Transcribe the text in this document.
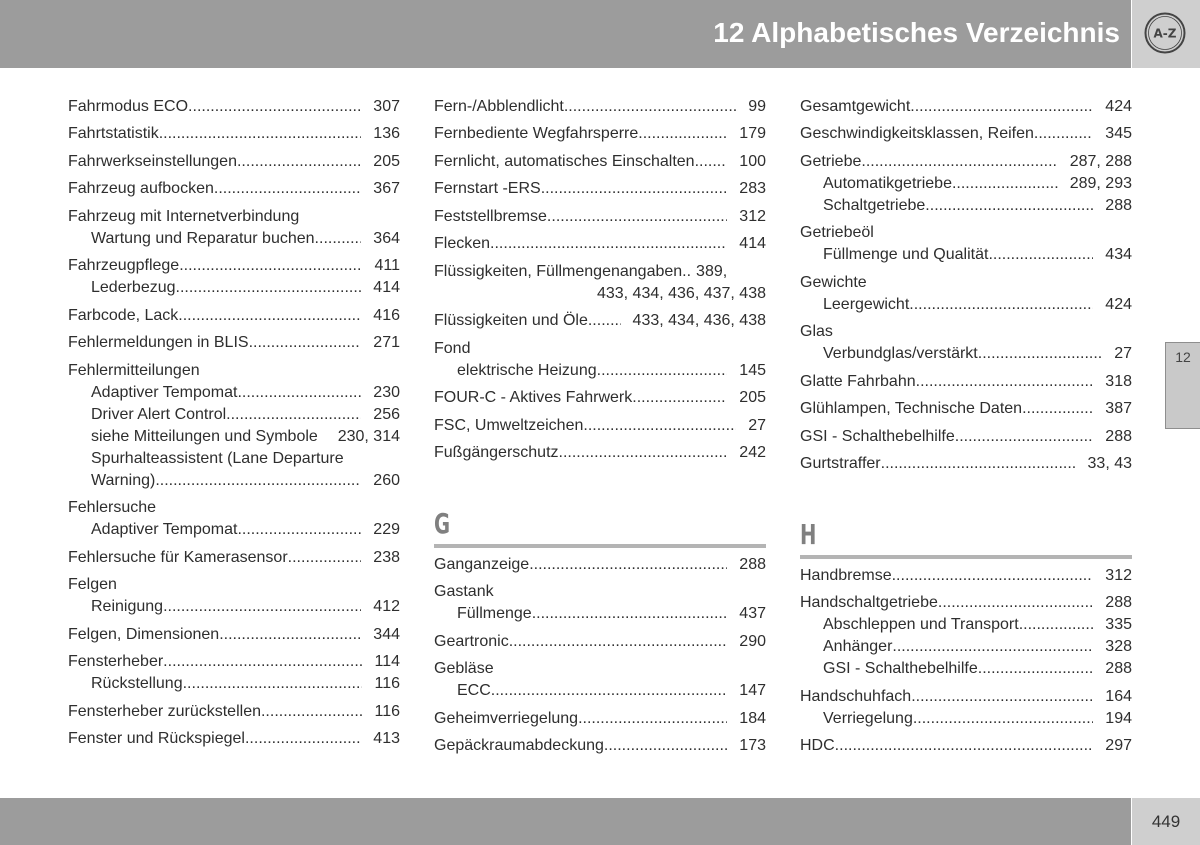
12 Alphabetisches Verzeichnis	A-Z
12
Fahrmodus ECO .....	307
Fahrtstatistik .....	136
Fahrwerkseinstellungen .....	205
Fahrzeug aufbocken .....	367
Fahrzeug mit Internetverbindung
Wartung und Reparatur buchen .....	364
Fahrzeugpflege .....	411
Lederbezug .....	414
Farbcode, Lack .....	416
Fehlermeldungen in BLIS .....	271
Fehlermitteilungen
Adaptiver Tempomat .....	230
Driver Alert Control .....	256
siehe Mitteilungen und Symbole	230, 314
Spurhalteassistent (Lane Departure
Warning) .....	260
Fehlersuche
Adaptiver Tempomat .....	229
Fehlersuche für Kamerasensor .....	238
Felgen
Reinigung .....	412
Felgen, Dimensionen .....	344
Fensterheber .....	114
Rückstellung .....	116
Fensterheber zurückstellen .....	116
Fenster und Rückspiegel .....	413
Fern-/Abblendlicht .....	99
Fernbediente Wegfahrsperre .....	179
Fernlicht, automatisches Einschalten .....	100
Fernstart -ERS .....	283
Feststellbremse .....	312
Flecken .....	414
Flüssigkeiten, Füllmengenangaben .. 389,
433, 434, 436, 437, 438
Flüssigkeiten und Öle .....	433, 434, 436, 438
Fond
elektrische Heizung .....	145
FOUR-C - Aktives Fahrwerk .....	205
FSC, Umweltzeichen .....	27
Fußgängerschutz .....	242
G
Ganganzeige .....	288
Gastank
Füllmenge .....	437
Geartronic .....	290
Gebläse
ECC .....	147
Geheimverriegelung .....	184
Gepäckraumabdeckung .....	173
Gesamtgewicht .....	424
Geschwindigkeitsklassen, Reifen .....	345
Getriebe .....	287, 288
Automatikgetriebe .....	289, 293
Schaltgetriebe .....	288
Getriebeöl
Füllmenge und Qualität .....	434
Gewichte
Leergewicht .....	424
Glas
Verbundglas/verstärkt .....	27
Glatte Fahrbahn .....	318
Glühlampen, Technische Daten .....	387
GSI - Schalthebelhilfe .....	288
Gurtstraffer .....	33, 43
H
Handbremse .....	312
Handschaltgetriebe .....	288
Abschleppen und Transport .....	335
Anhänger .....	328
GSI - Schalthebelhilfe .....	288
Handschuhfach .....	164
Verriegelung .....	194
HDC .....	297
449
